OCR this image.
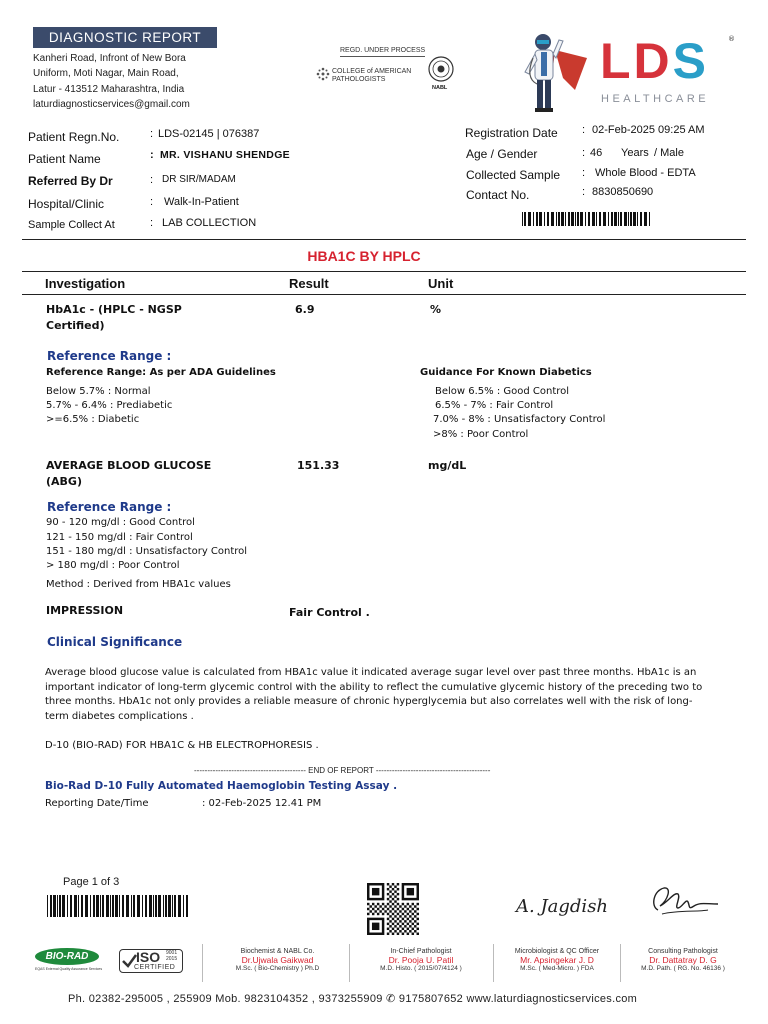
DIAGNOSTIC REPORT
Kanheri Road, Infront of New Bora
Uniform, Moti Nagar, Main Road,
Latur - 413512 Maharashtra, India
laturdiagnosticservices@gmail.com
REGD. UNDER PROCESS
COLLEGE of AMERICAN
PATHOLOGISTS
NABL	LDS	®
HEALTHCARE
Patient Regn.No.	: LDS-02145 | 076387
Patient Name	: MR. VISHANU SHENDGE
Referred By Dr	: DR SIR/MADAM
Hospital/Clinic	: Walk-In-Patient
Sample Collect At	: LAB COLLECTION
Registration Date : 02-Feb-2025 09:25 AM
Age / Gender	: 46 Years / Male
Collected Sample : Whole Blood - EDTA
Contact No.	: 8830850690
HBA1C BY HPLC
Investigation	Result	Unit
HbA1c - (HPLC - NGSP
Certified)
6.9	%
Reference Range :
Reference Range: As per ADA Guidelines
Below 5.7% : Normal
5.7% - 6.4% : Prediabetic
>=6.5% : Diabetic
Guidance For Known Diabetics
Below 6.5% : Good Control
6.5% - 7% : Fair Control
7.0% - 8% : Unsatisfactory Control
>8% : Poor Control
AVERAGE BLOOD GLUCOSE
(ABG)
151.33	mg/dL
Reference Range :
90 - 120 mg/dl : Good Control
121 - 150 mg/dl : Fair Control
151 - 180 mg/dl : Unsatisfactory Control
> 180 mg/dl : Poor Control
Method : Derived from HBA1c values
IMPRESSION	Fair Control .
Clinical Significance
Average blood glucose value is calculated from HBA1c value it indicated average sugar level over past three months. HbA1c is an important indicator of long-term glycemic control with the ability to reflect the cumulative glycemic history of the preceding two to three months. HbA1c not only provides a reliable measure of chronic hyperglycemia but also correlates well with the risk of long-term diabetes complications .
D-10 (BIO-RAD) FOR HBA1C & HB ELECTROPHORESIS .
------------------------------------------ END OF REPORT -------------------------------------------
Bio-Rad D-10 Fully Automated Haemoglobin Testing Assay .
Reporting Date/Time	: 02-Feb-2025 12.41 PM
Page 1 of 3
A. Jagdish
BIO-RAD
EQAS External Quality Assurance Services
ISO 9001 2015
CERTIFIED
Biochemist & NABL Co.
Dr.Ujwala Gaikwad
M.Sc. ( Bio-Chemistry ) Ph.D
In-Chief Pathologist
Dr. Pooja U. Patil
M.D. Histo. ( 2015/07/4124 )
Microbiologist & QC Officer
Mr. Apsingekar J. D
M.Sc. ( Med-Micro. ) FDA
Consulting Pathologist
Dr. Dattatray D. G
M.D. Path. ( RG. No. 46136 )
Ph. 02382-295005 , 255909 Mob. 9823104352 , 9373255909 ✆ 9175807652 www.laturdiagnosticservices.com
